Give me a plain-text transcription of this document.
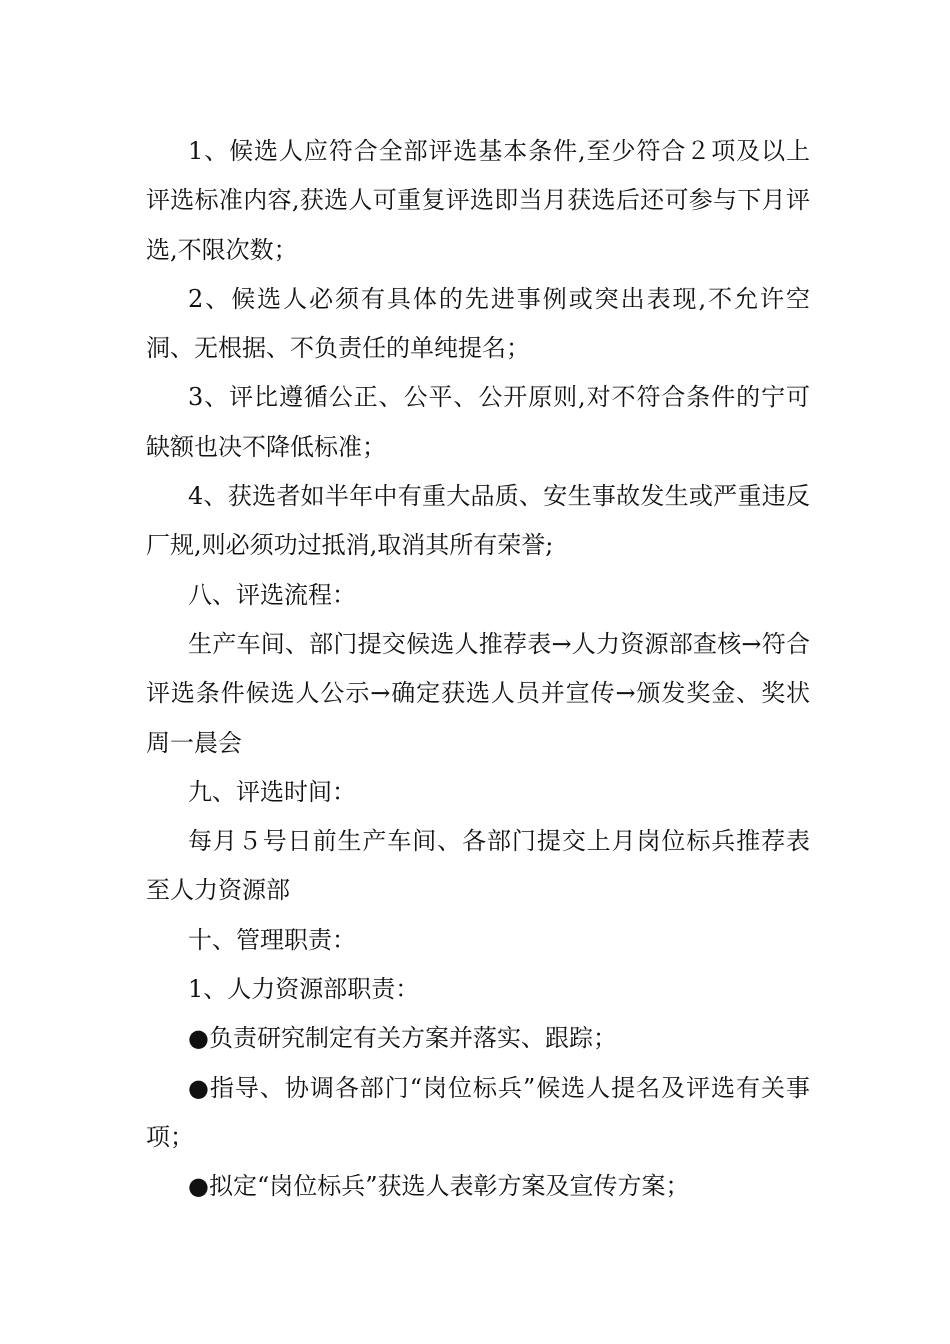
1、候选人应符合全部评选基本条件,至少符合２项及以上评选标准内容,获选人可重复评选即当月获选后还可参与下月评选,不限次数；

2、候选人必须有具体的先进事例或突出表现,不允许空洞、无根据、不负责任的单纯提名；

3、评比遵循公正、公平、公开原则,对不符合条件的宁可缺额也决不降低标准；

4、获选者如半年中有重大品质、安生事故发生或严重违反厂规,则必须功过抵消,取消其所有荣誉;

八、评选流程：

生产车间、部门提交候选人推荐表→人力资源部查核→符合评选条件候选人公示→确定获选人员并宣传→颁发奖金、奖状周一晨会

九、评选时间：

每月５号日前生产车间、各部门提交上月岗位标兵推荐表至人力资源部

十、管理职责：

1、人力资源部职责：

●负责研究制定有关方案并落实、跟踪；

●指导、协调各部门“岗位标兵”候选人提名及评选有关事项；

●拟定“岗位标兵”获选人表彰方案及宣传方案；
